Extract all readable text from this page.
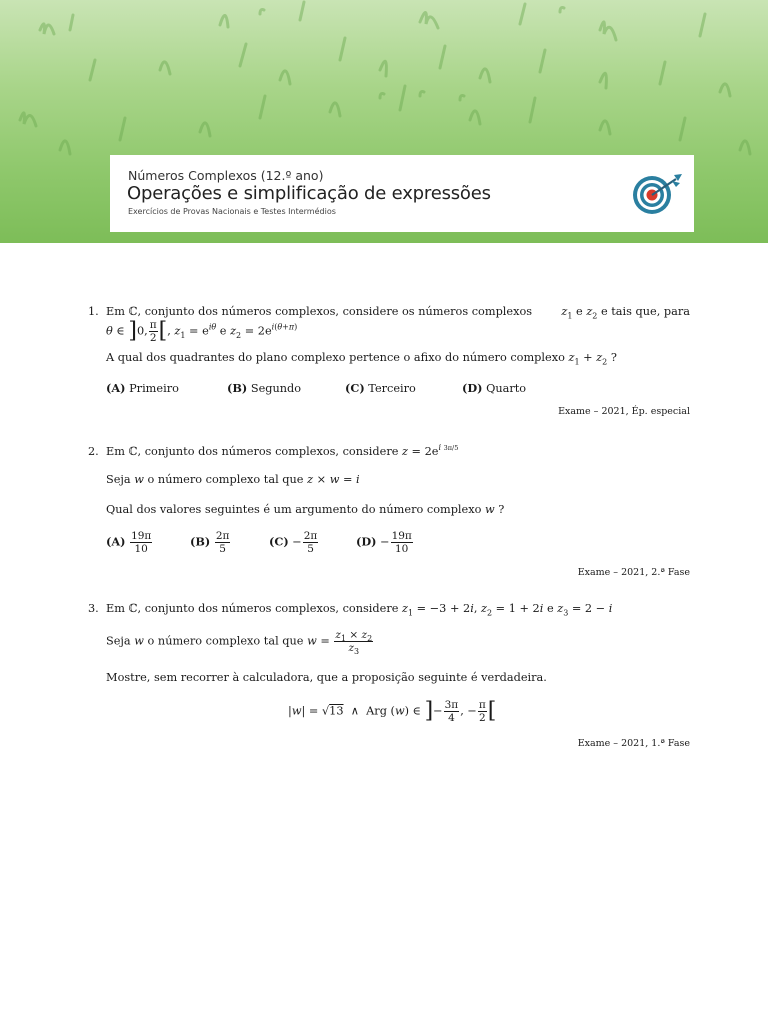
Números Complexos (12.º ano)
Operações e simplificação de expressões
Exercícios de Provas Nacionais e Testes Intermédios
1. Em ℂ, conjunto dos números complexos, considere os números complexos	$z_1$ e $z_2$ e tais que, para
θ ∈ ]0, $\frac{\pi}{2}$ [, $z_1 = e^{i\theta}$ e $z_2 = 2e^{i(\theta+\pi)}$
A qual dos quadrantes do plano complexo pertence o afixo do número complexo $z_1 + z_2$ ?
(A) Primeiro	(B) Segundo	(C) Terceiro	(D) Quarto
Exame – 2021, Ép. especial
2. Em ℂ, conjunto dos números complexos, considere $z = 2e^{i 3\pi/5}$
Seja w o número complexo tal que z × w = i
Qual dos valores seguintes é um argumento do número complexo w ?
$(A) \frac{19\pi}{10}$	$(B) \frac{2\pi}{5}$	$(C) - \frac{2\pi}{5}$	$(D) - \frac{19\pi}{10}$
Exame – 2021, 2.ª Fase
3. Em ℂ, conjunto dos números complexos, considere $z_1 = -3 + 2i$, $z_2 = 1 + 2i$ e $z_3 = 2 - i$
Seja w o número complexo tal que $w = \frac{z_1 \times z_2}{z_3}$
Mostre, sem recorrer à calculadora, que a proposição seguinte é verdadeira.
|w| = √13  ∧  Arg (w) ∈ ]− $\frac{3\pi}{4}$ , − $\frac{\pi}{2}$ [
Exame – 2021, 1.ª Fase
